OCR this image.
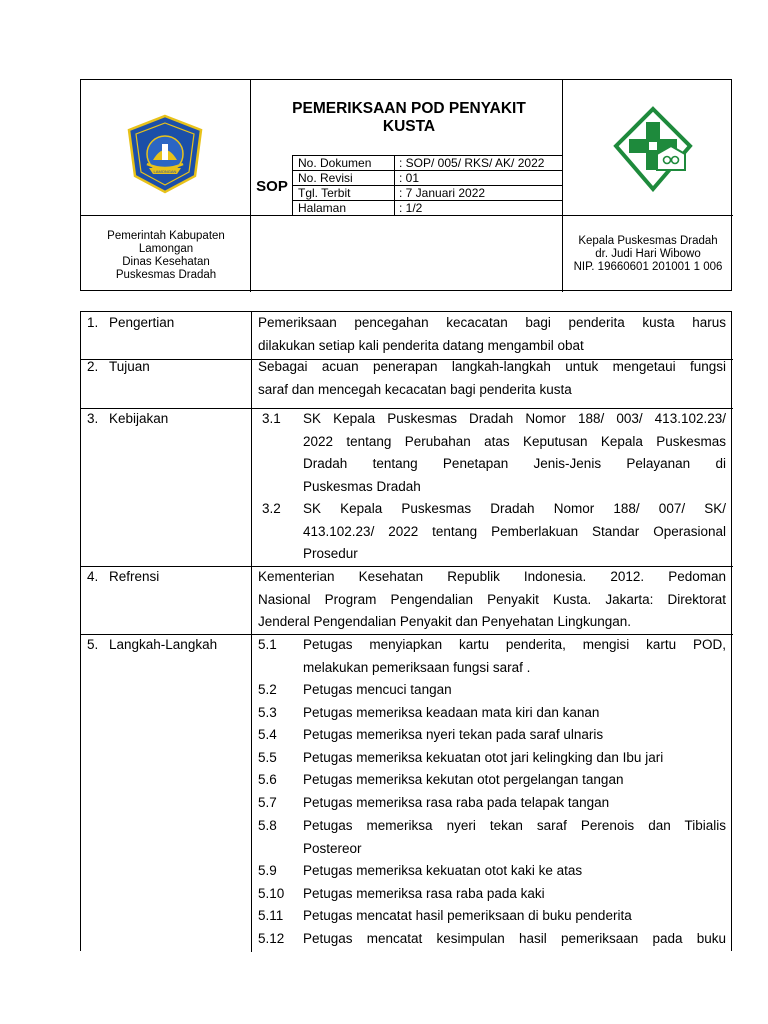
LAMONGAN
PEMERIKSAAN POD PENYAKIT
KUSTA
SOP
No. Dokumen : SOP/ 005/ RKS/ AK/ 2022
No. Revisi	: 01
Tgl. Terbit	: 7 Januari 2022
Halaman	: 1/2
Pemerintah Kabupaten
Lamongan
Dinas Kesehatan
Puskesmas Dradah
Kepala Puskesmas Dradah
dr. Judi Hari Wibowo
NIP. 19660601 201001 1 006
1. Pengertian	Pemeriksaan pencegahan kecacatan bagi penderita kusta harus
dilakukan setiap kali penderita datang mengambil obat
2. Tujuan	Sebagai acuan penerapan langkah-langkah untuk mengetaui fungsi
saraf dan mencegah kecacatan bagi penderita kusta
3. Kebijakan	3.1	SK Kepala Puskesmas Dradah Nomor 188/ 003/ 413.102.23/
2022 tentang Perubahan atas Keputusan Kepala Puskesmas
Dradah tentang Penetapan Jenis-Jenis Pelayanan di
Puskesmas Dradah
3.2	SK Kepala Puskesmas Dradah Nomor 188/ 007/ SK/
413.102.23/ 2022 tentang Pemberlakuan Standar Operasional
Prosedur
4. Refrensi	Kementerian Kesehatan Republik Indonesia. 2012. Pedoman
Nasional Program Pengendalian Penyakit Kusta. Jakarta: Direktorat
Jenderal Pengendalian Penyakit dan Penyehatan Lingkungan.
5. Langkah-Langkah	5.1	Petugas menyiapkan kartu penderita, mengisi kartu POD,
melakukan pemeriksaan fungsi saraf .
5.2	Petugas mencuci tangan
5.3	Petugas memeriksa keadaan mata kiri dan kanan
5.4	Petugas memeriksa nyeri tekan pada saraf ulnaris
5.5	Petugas memeriksa kekuatan otot jari kelingking dan Ibu jari
5.6	Petugas memeriksa kekutan otot pergelangan tangan
5.7	Petugas memeriksa rasa raba pada telapak tangan
5.8	Petugas memeriksa nyeri tekan saraf Perenois dan Tibialis
Postereor
5.9	Petugas memeriksa kekuatan otot kaki ke atas
5.10	Petugas memeriksa rasa raba pada kaki
5.11	Petugas mencatat hasil pemeriksaan di buku penderita
5.12	Petugas mencatat kesimpulan hasil pemeriksaan pada buku
